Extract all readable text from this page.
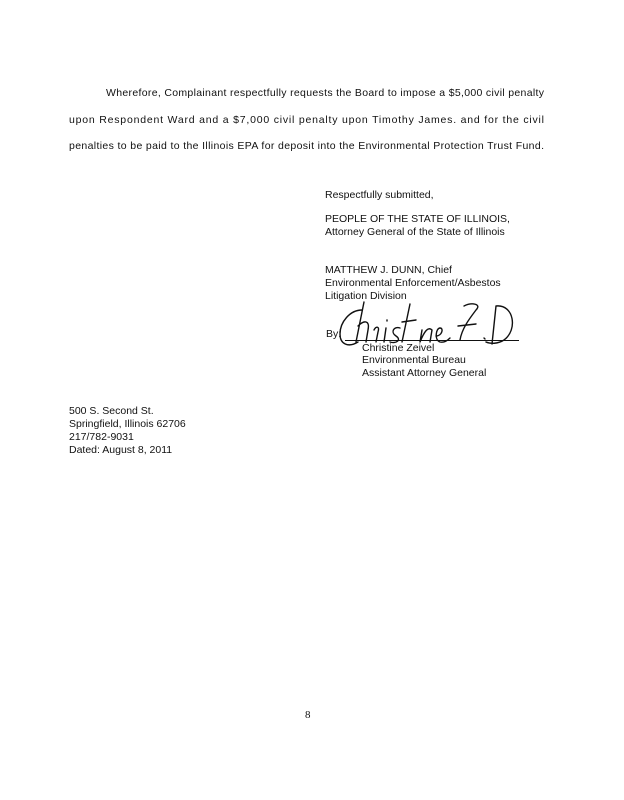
Wherefore, Complainant respectfully requests the Board to impose a $5,000 civil penalty
upon Respondent Ward and a $7,000 civil penalty upon Timothy James. and for the civil
penalties to be paid to the Illinois EPA for deposit into the Environmental Protection Trust Fund.
Respectfully submitted,
PEOPLE OF THE STATE OF ILLINOIS,
Attorney General of the State of Illinois
MATTHEW J. DUNN, Chief
Environmental Enforcement/Asbestos
Litigation Division
By:
Christine Zeivel
Environmental Bureau
Assistant Attorney General
500 S. Second St.
Springfield, Illinois 62706
217/782-9031
Dated: August 8, 2011
8
